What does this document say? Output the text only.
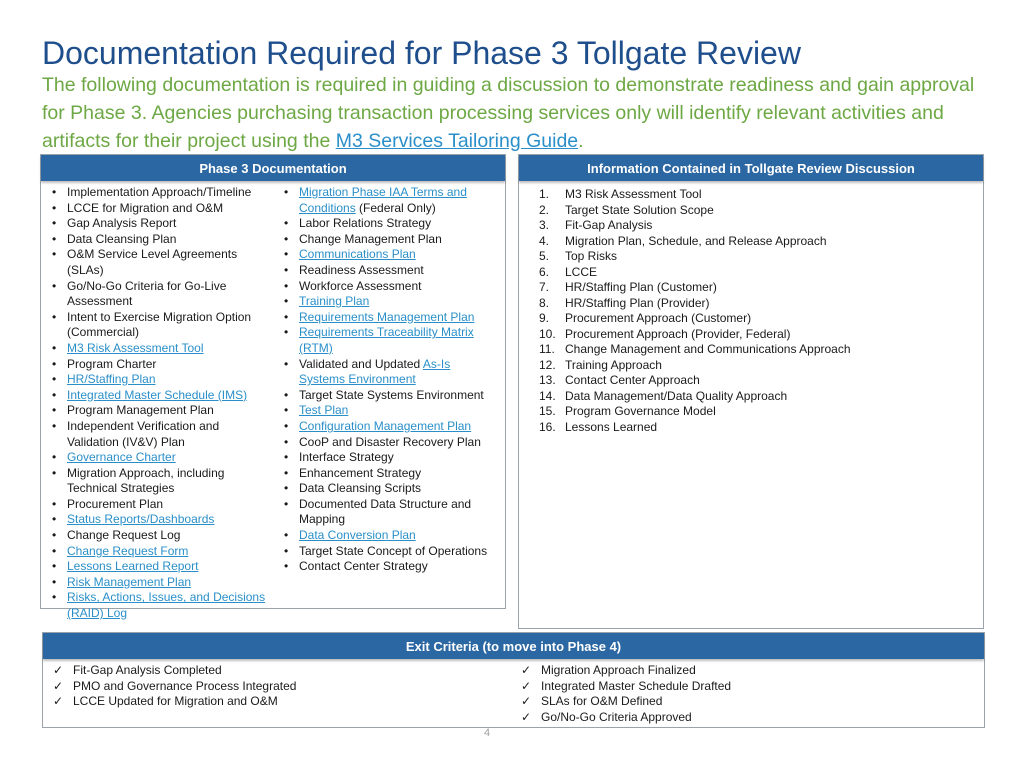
Documentation Required for Phase 3 Tollgate Review

The following documentation is required in guiding a discussion to demonstrate readiness and gain approval for Phase 3. Agencies purchasing transaction processing services only will identify relevant activities and artifacts for their project using the M3 Services Tailoring Guide.

Phase 3 Documentation
• Implementation Approach/Timeline
• LCCE for Migration and O&M
• Gap Analysis Report
• Data Cleansing Plan
• O&M Service Level Agreements (SLAs)
• Go/No-Go Criteria for Go-Live Assessment
• Intent to Exercise Migration Option (Commercial)
• M3 Risk Assessment Tool
• Program Charter
• HR/Staffing Plan
• Integrated Master Schedule (IMS)
• Program Management Plan
• Independent Verification and Validation (IV&V) Plan
• Governance Charter
• Migration Approach, including Technical Strategies
• Procurement Plan
• Status Reports/Dashboards
• Change Request Log
• Change Request Form
• Lessons Learned Report
• Risk Management Plan
• Risks, Actions, Issues, and Decisions (RAID) Log
• Migration Phase IAA Terms and Conditions (Federal Only)
• Labor Relations Strategy
• Change Management Plan
• Communications Plan
• Readiness Assessment
• Workforce Assessment
• Training Plan
• Requirements Management Plan
• Requirements Traceability Matrix (RTM)
• Validated and Updated As-Is Systems Environment
• Target State Systems Environment
• Test Plan
• Configuration Management Plan
• CooP and Disaster Recovery Plan
• Interface Strategy
• Enhancement Strategy
• Data Cleansing Scripts
• Documented Data Structure and Mapping
• Data Conversion Plan
• Target State Concept of Operations
• Contact Center Strategy
Information Contained in Tollgate Review Discussion
1. M3 Risk Assessment Tool
2. Target State Solution Scope
3. Fit-Gap Analysis
4. Migration Plan, Schedule, and Release Approach
5. Top Risks
6. LCCE
7. HR/Staffing Plan (Customer)
8. HR/Staffing Plan (Provider)
9. Procurement Approach (Customer)
10. Procurement Approach (Provider, Federal)
11. Change Management and Communications Approach
12. Training Approach
13. Contact Center Approach
14. Data Management/Data Quality Approach
15. Program Governance Model
16. Lessons Learned
Exit Criteria (to move into Phase 4)
✓ Fit-Gap Analysis Completed
✓ PMO and Governance Process Integrated
✓ LCCE Updated for Migration and O&M
✓ Migration Approach Finalized
✓ Integrated Master Schedule Drafted
✓ SLAs for O&M Defined
✓ Go/No-Go Criteria Approved
4
